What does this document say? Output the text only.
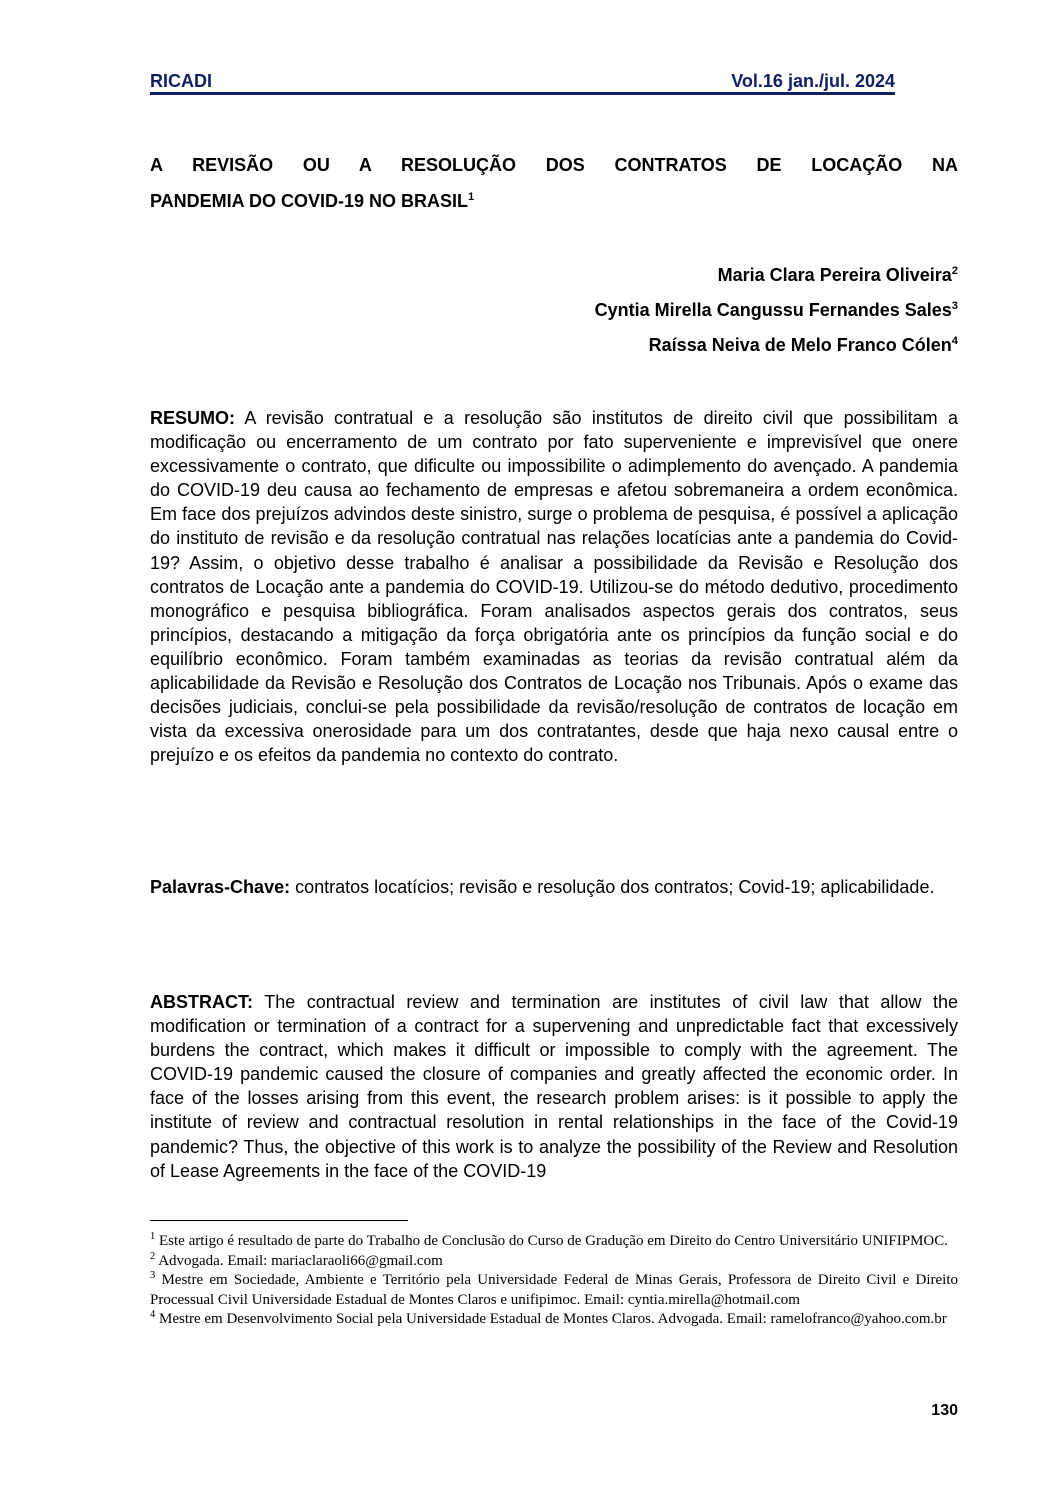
RICADI	Vol.16 jan./jul. 2024
A REVISÃO OU A RESOLUÇÃO DOS CONTRATOS DE LOCAÇÃO NA
PANDEMIA DO COVID-19 NO BRASIL$^1$
Maria Clara Pereira Oliveira$^2$
Cyntia Mirella Cangussu Fernandes Sales$^3$
Raíssa Neiva de Melo Franco Cólen$^4$
RESUMO: A revisão contratual e a resolução são institutos de direito civil que possibilitam a modificação ou encerramento de um contrato por fato superveniente e imprevisível que onere excessivamente o contrato, que dificulte ou impossibilite o adimplemento do avençado. A pandemia do COVID-19 deu causa ao fechamento de empresas e afetou sobremaneira a ordem econômica. Em face dos prejuízos advindos deste sinistro, surge o problema de pesquisa, é possível a aplicação do instituto de revisão e da resolução contratual nas relações locatícias ante a pandemia do Covid-19? Assim, o objetivo desse trabalho é analisar a possibilidade da Revisão e Resolução dos contratos de Locação ante a pandemia do COVID-19. Utilizou-se do método dedutivo, procedimento monográfico e pesquisa bibliográfica. Foram analisados aspectos gerais dos contratos, seus princípios, destacando a mitigação da força obrigatória ante os princípios da função social e do equilíbrio econômico. Foram também examinadas as teorias da revisão contratual além da aplicabilidade da Revisão e Resolução dos Contratos de Locação nos Tribunais. Após o exame das decisões judiciais, conclui-se pela possibilidade da revisão/resolução de contratos de locação em vista da excessiva onerosidade para um dos contratantes, desde que haja nexo causal entre o prejuízo e os efeitos da pandemia no contexto do contrato.
Palavras-Chave: contratos locatícios; revisão e resolução dos contratos; Covid-19; aplicabilidade.
ABSTRACT: The contractual review and termination are institutes of civil law that allow the modification or termination of a contract for a supervening and unpredictable fact that excessively burdens the contract, which makes it difficult or impossible to comply with the agreement. The COVID-19 pandemic caused the closure of companies and greatly affected the economic order. In face of the losses arising from this event, the research problem arises: is it possible to apply the institute of review and contractual resolution in rental relationships in the face of the Covid-19 pandemic? Thus, the objective of this work is to analyze the possibility of the Review and Resolution of Lease Agreements in the face of the COVID-19

$^1$ Este artigo é resultado de parte do Trabalho de Conclusão do Curso de Gradução em Direito do Centro Universitário UNIFIPMOC.

$^2$ Advogada. Email: mariaclaraoli66@gmail.com

$^3$ Mestre em Sociedade, Ambiente e Território pela Universidade Federal de Minas Gerais, Professora de Direito Civil e Direito Processual Civil Universidade Estadual de Montes Claros e unifipimoc. Email: cyntia.mirella@hotmail.com

$^4$ Mestre em Desenvolvimento Social pela Universidade Estadual de Montes Claros. Advogada. Email: ramelofranco@yahoo.com.br

130
